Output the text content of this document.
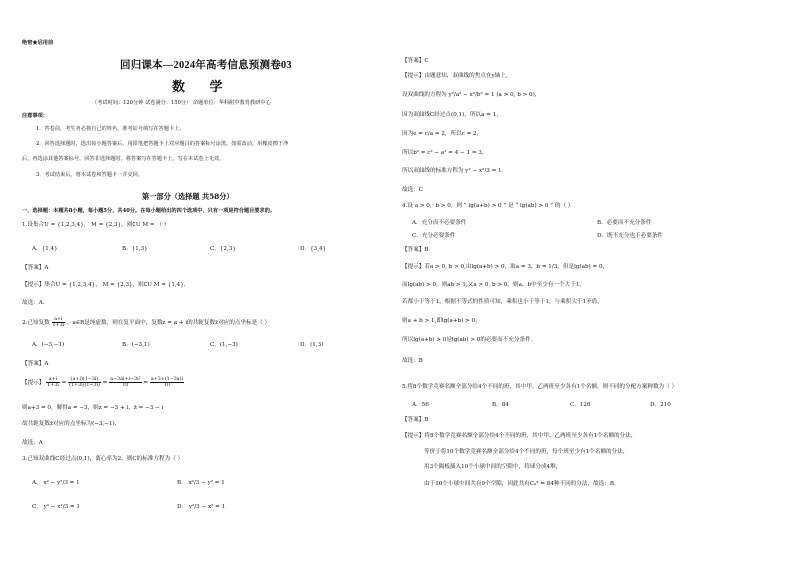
绝密★启用前
回归课本—2024年高考信息预测卷03
数 学
（考试时间：120分钟 试卷满分：150分） 命题单位：华科附中教育教研中心
注意事项：
1．答卷前，考生务必将自己的姓名、准考证号填写在答题卡上。
2．回答选择题时，选出每小题答案后，用铅笔把答题卡上对应题目的答案标号涂黑。如需改动，用橡皮擦干净
后，再选涂其他答案标号。回答非选择题时，将答案写在答题卡上，写在本试卷上无效。
3．考试结束后，将本试卷和答题卡一并交回。
第一部分（选择题 共58分）
一、选择题：本题共8小题，每小题5分，共40分。在每小题给出的四个选项中，只有一项是符合题目要求的。
1.设集合U = {1,2,3,4}， M = {2,3}，则∁U M = （ ）
A．{1,4}	B．{1,3}	C．{2,3}	D．{3,4}
【答案】A
【提示】集合U = {1,2,3,4}， M = {2,3}，则∁U M = {1,4}.
故选：A.
2.已知复数 $\frac{a+i}{1+3i}$ ，a∈R是纯虚数，则在复平面中，复数z = a + i的共轭复数z̄对应的点坐标是（ ）
A．(−3,−1)	B．(−3,1)	C．(1,−3)	D．(1,3)
【答案】A
【提示】 $\frac{a+i}{1+3i} = \frac{(a+i)(1-3i)}{(1+3i)(1-3i)} = \frac{\text{a−3ai+i−3i²}}{10} = \frac{a+3+(1-3a)i}{10}$
则a+3 = 0，解得a = −3，则z = −3 + i，z̄ = −3 − i
故共轭复数z̄对应的点坐标为(−3,−1).
故选：A
3.已知双曲线C经过点(0,1)，离心率为2，则C的标准方程为（ ）
A． x² − y²/3 = 1	B． x²/3 − y² = 1
C． y² − x²/3 = 1	D． y²/3 − x² = 1
【答案】C
【提示】由题意知，双曲线的焦点在y轴上，
设双曲线的方程为 y²/a² − x²/b² = 1 (a > 0, b > 0)，
因为双曲线C经过点(0,1)，所以a = 1，
因为e = c/a = 2，所以c = 2，
所以b² = c² − a² = 4 − 1 = 3，
所以双曲线的标准方程为 y² − x²/3 = 1.
故选：C
4.设 a > 0，b > 0，则 “ lg(a+b) > 0 ” 是 “ lg(ab) > 0 ” 的（ ）
A．充分而不必要条件	B．必要而不充分条件
C．充分必要条件	D．既不充分也不必要条件
【答案】B
【提示】若a > 0, b > 0,由lg(a+b) > 0，取a = 3，b = 1/3，但是lg(ab) = 0，
而lg(ab) > 0，则ab > 1,又a > 0, b > 0，则a，b中至少有一个大于1，
若都小于等于1，根据不等式的性质可知，乘积也小于等于1，与乘积大于1矛盾，
则a + b > 1,即lg(a+b) > 0，
所以lg(a+b) > 0是lg(ab) > 0的必要而不充分条件。
故选：B
5.将8个数学竞赛名额全部分给4个不同的班，其中甲、乙两班至少各有1个名额，则不同的分配方案种数为（ ）
A．56	B．84	C．126	D．210
【答案】B
【提示】将8个数学竞赛名额全部分给4个不同的班，其中甲、乙两班至少各有1个名额的分法，
等价于将10个数学竞赛名额全部分给4个不同的班，每个班至少有1个名额的分法，
用3个隔板插入10个小球中间的空隙中，将球分成4堆，
由于10个小球中间共有9个空隙，因此共有C₉³ = 84种不同的分法，故选：B.
